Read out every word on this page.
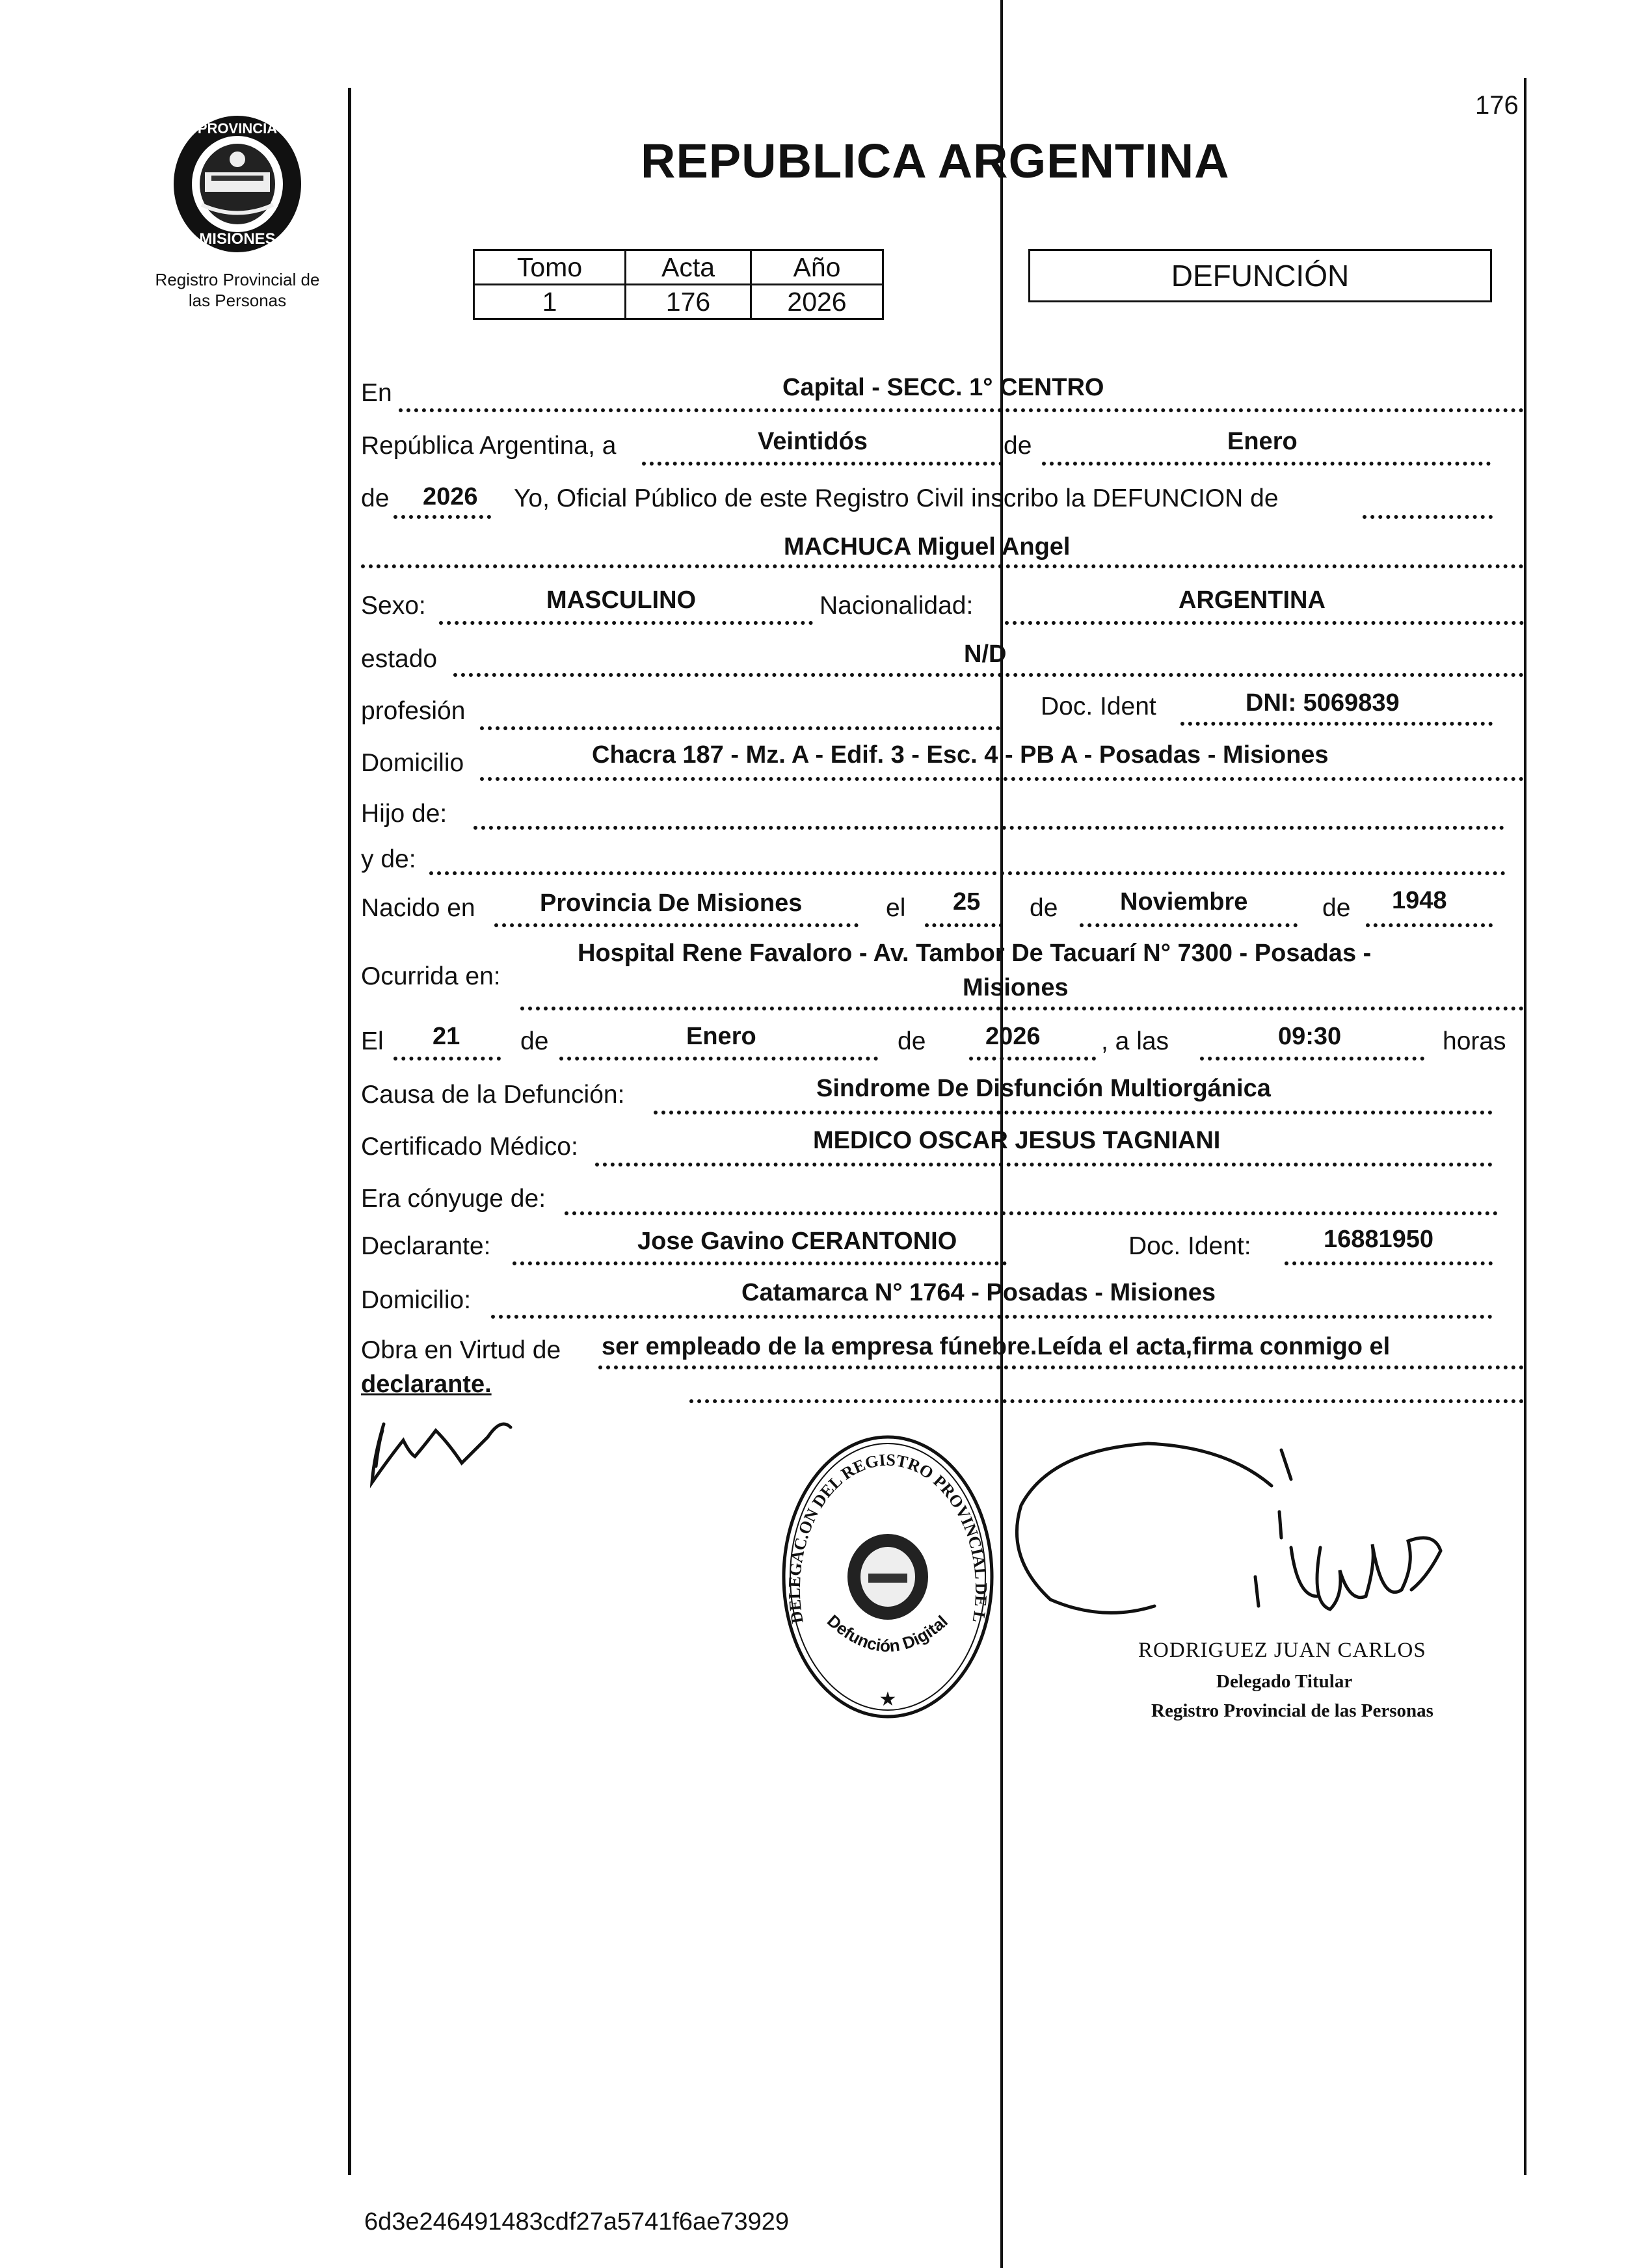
176
PROVINCIA
MISIONES
Registro Provincial de
las Personas
REPUBLICA ARGENTINA
Tomo	Acta	Año
1	176	2026
DEFUNCIÓN
En	Capital - SECC. 1° CENTRO
República Argentina, a	Veintidós	de	Enero
de 2026 Yo, Oficial Público de este Registro Civil inscribo la DEFUNCION de
MACHUCA Miguel Angel
Sexo:	MASCULINO	Nacionalidad:	ARGENTINA
estado	N/D
profesión	Doc. Ident	DNI: 5069839
Domicilio	Chacra 187 - Mz. A - Edif. 3 - Esc. 4 - PB A - Posadas - Misiones
Hijo de:
y de:
Nacido en	Provincia De Misiones	el 25 de	Noviembre	de 1948
Hospital Rene Favaloro - Av. Tambor De Tacuarí N° 7300 - Posadas -
Ocurrida en:	Misiones
El 21 de	Enero	de 2026 , a las	09:30	horas
Causa de la Defunción:	Sindrome De Disfunción Multiorgánica
Certificado Médico:	MEDICO OSCAR JESUS TAGNIANI
Era cónyuge de:
Declarante:	Jose Gavino CERANTONIO	Doc. Ident:	16881950
Domicilio:	Catamarca N° 1764 - Posadas - Misiones
Obra en Virtud de ser empleado de la empresa fúnebre.Leída el acta,firma conmigo el
declarante.
DELEGAC.ON DEL REGISTRO PROVINCIAL DE L
Defunción Digital
★
RODRIGUEZ JUAN CARLOS
Delegado Titular
Registro Provincial de las Personas
6d3e246491483cdf27a5741f6ae73929
